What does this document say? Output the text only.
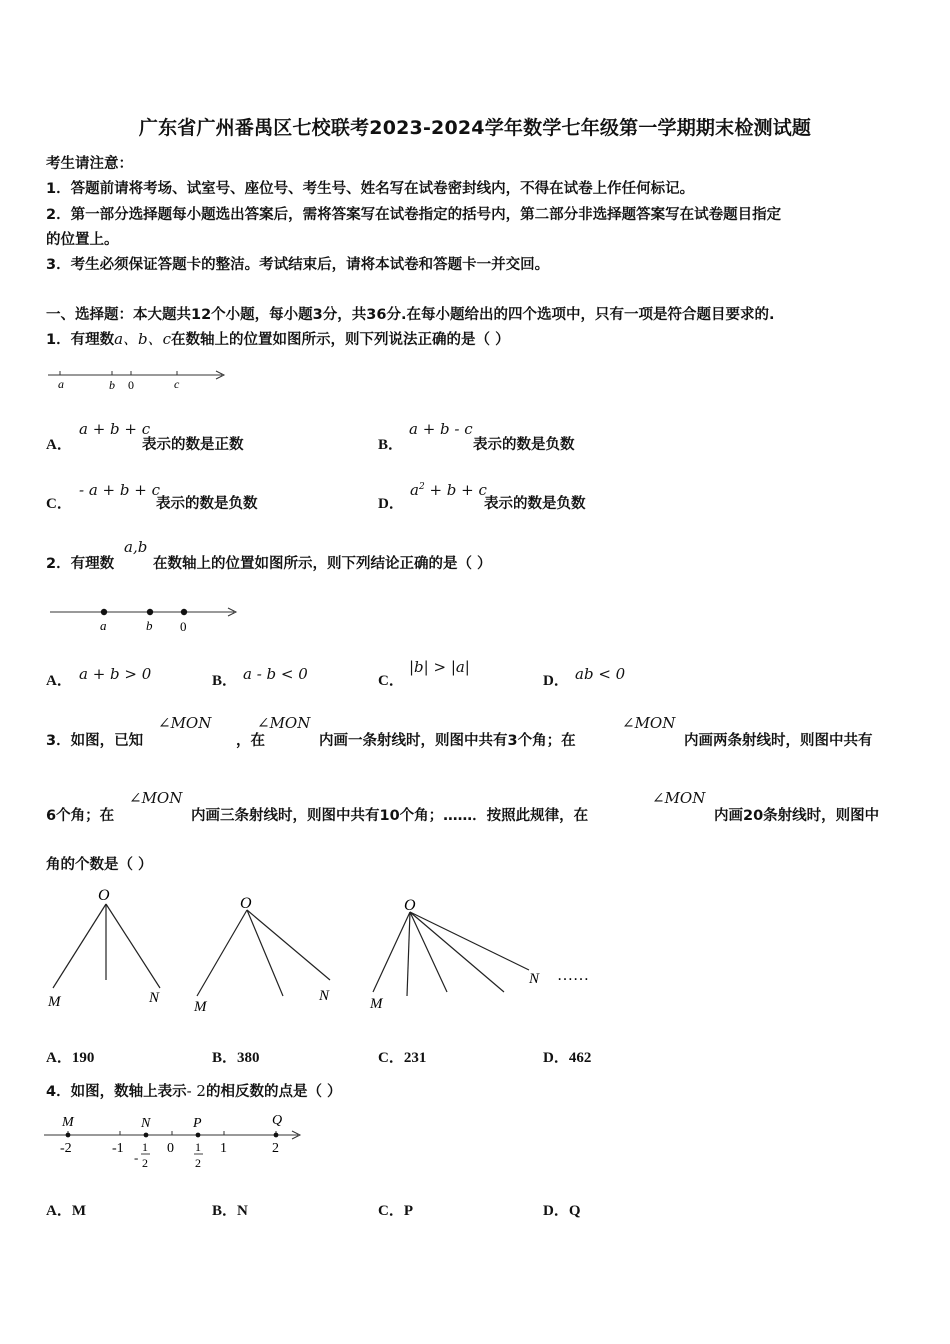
广东省广州番禺区七校联考2023-2024学年数学七年级第一学期期末检测试题
考生请注意：
1．答题前请将考场、试室号、座位号、考生号、姓名写在试卷密封线内，不得在试卷上作任何标记。
2．第一部分选择题每小题选出答案后，需将答案写在试卷指定的括号内，第二部分非选择题答案写在试卷题目指定
的位置上。
3．考生必须保证答题卡的整洁。考试结束后，请将本试卷和答题卡一并交回。
一、选择题：本大题共12个小题，每小题3分，共36分.在每小题给出的四个选项中，只有一项是符合题目要求的.
1．有理数a、b、c在数轴上的位置如图所示，则下列说法正确的是（ ）
a	b 0	c
A．
a + b + c
表示的数是正数	B．
a + b - c
表示的数是负数
C．
- a + b + c
表示的数是负数	D．
$a^2 + b + c$
表示的数是负数
2．有理数
a,b
在数轴上的位置如图所示，则下列结论正确的是（ ）
a	b 0
A． a + b > 0	B． a - b < 0	C．
|b| > |a|
D． ab < 0
3．如图，已知
∠MON
，在
∠MON
内画一条射线时，则图中共有3个角；在
∠MON
内画两条射线时，则图中共有
6个角；在
∠MON
内画三条射线时，则图中共有10个角；……．按照此规律，在
∠MON
内画20条射线时，则图中
角的个数是（ ）
O
M	N
O
M
N
O
M
N ……
A．190	B．380	C．231	D．462
4．如图，数轴上表示- 2的相反数的点是（ ）
M	N	P	Q
-2	-1	0	1	2
-
1
2
1
2
A．M	B．N	C．P	D．Q
